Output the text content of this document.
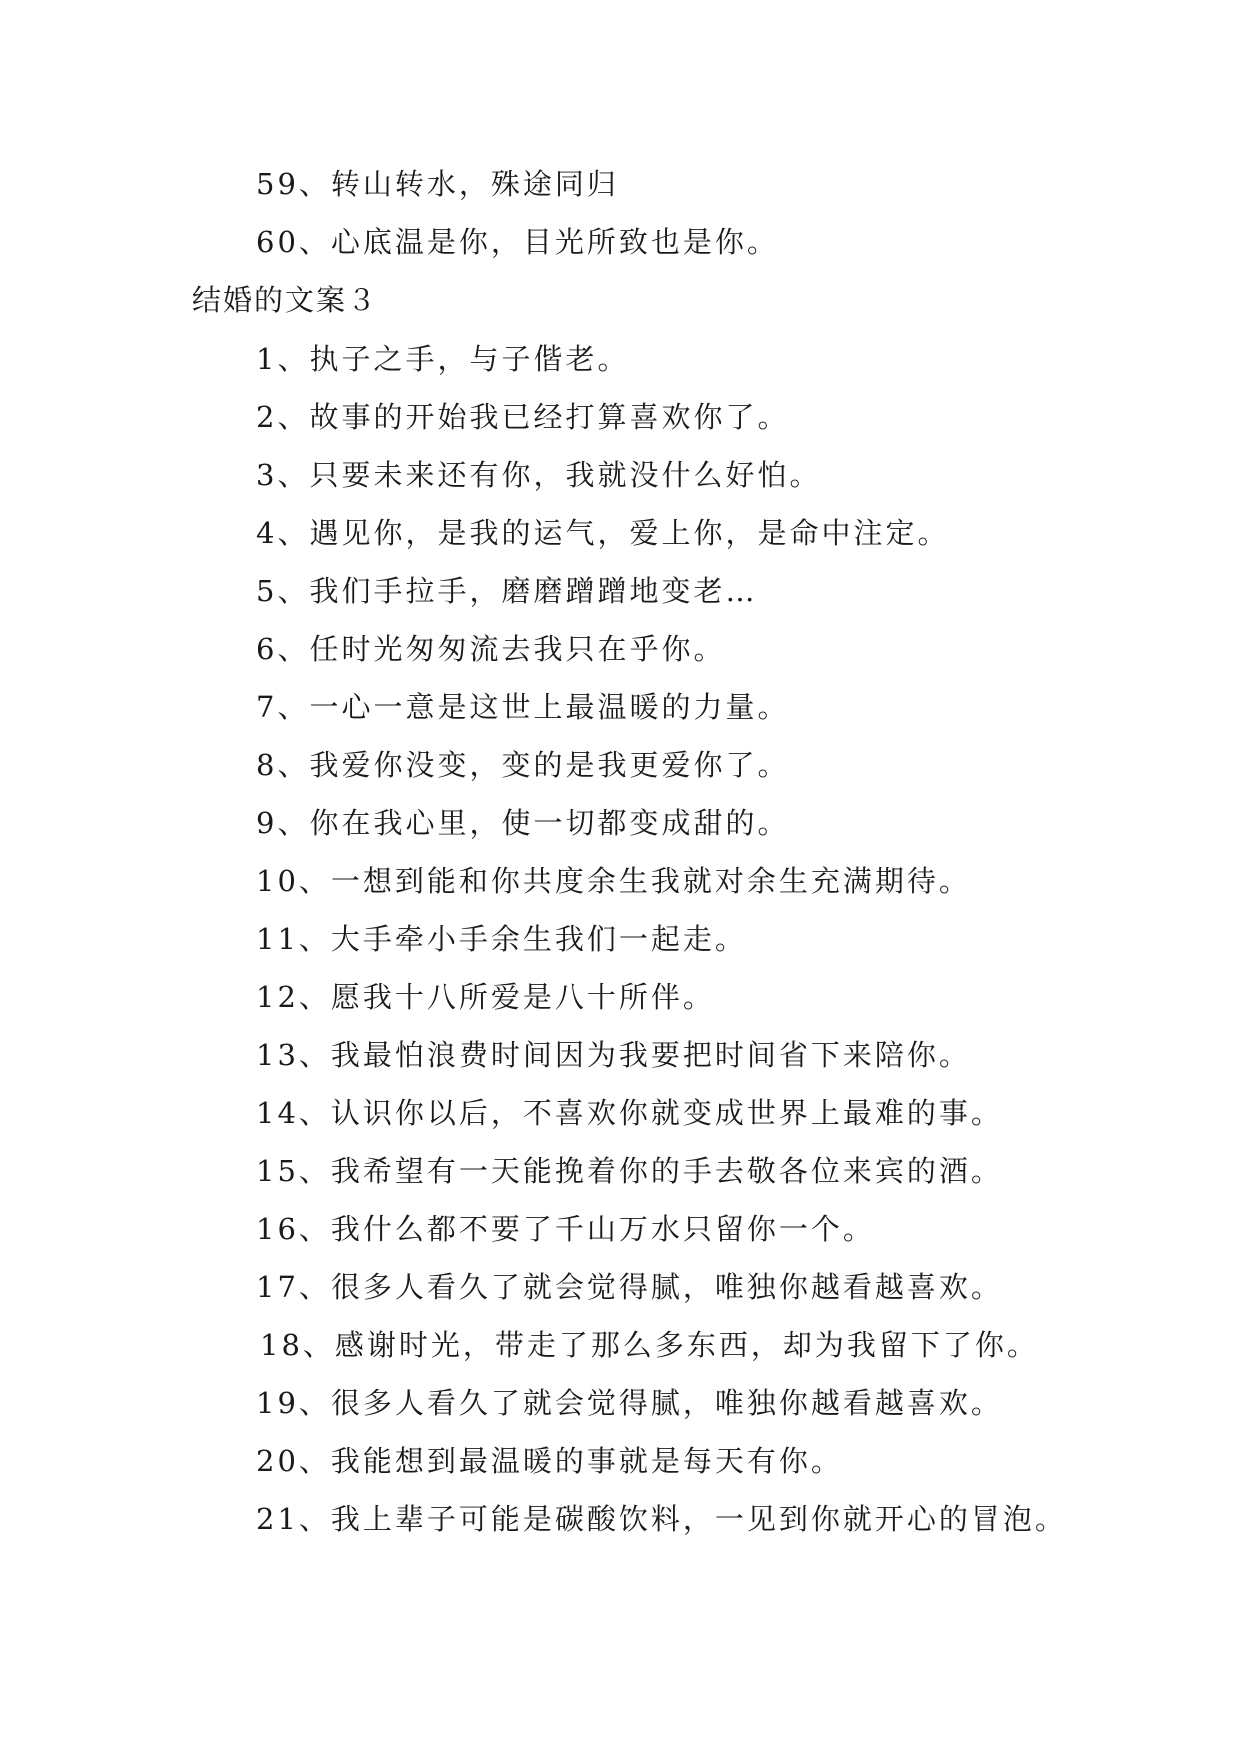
59、转山转水，殊途同归
60、心底温是你，目光所致也是你。
结婚的文案３
1、执子之手，与子偕老。
2、故事的开始我已经打算喜欢你了。
3、只要未来还有你，我就没什么好怕。
4、遇见你，是我的运气，爱上你，是命中注定。
5、我们手拉手，磨磨蹭蹭地变老…
6、任时光匆匆流去我只在乎你。
7、一心一意是这世上最温暖的力量。
8、我爱你没变，变的是我更爱你了。
9、你在我心里，使一切都变成甜的。
10、一想到能和你共度余生我就对余生充满期待。
11、大手牵小手余生我们一起走。
12、愿我十八所爱是八十所伴。
13、我最怕浪费时间因为我要把时间省下来陪你。
14、认识你以后，不喜欢你就变成世界上最难的事。
15、我希望有一天能挽着你的手去敬各位来宾的酒。
16、我什么都不要了千山万水只留你一个。
17、很多人看久了就会觉得腻，唯独你越看越喜欢。
18、感谢时光，带走了那么多东西，却为我留下了你。
19、很多人看久了就会觉得腻，唯独你越看越喜欢。
20、我能想到最温暖的事就是每天有你。
21、我上辈子可能是碳酸饮料，一见到你就开心的冒泡。
